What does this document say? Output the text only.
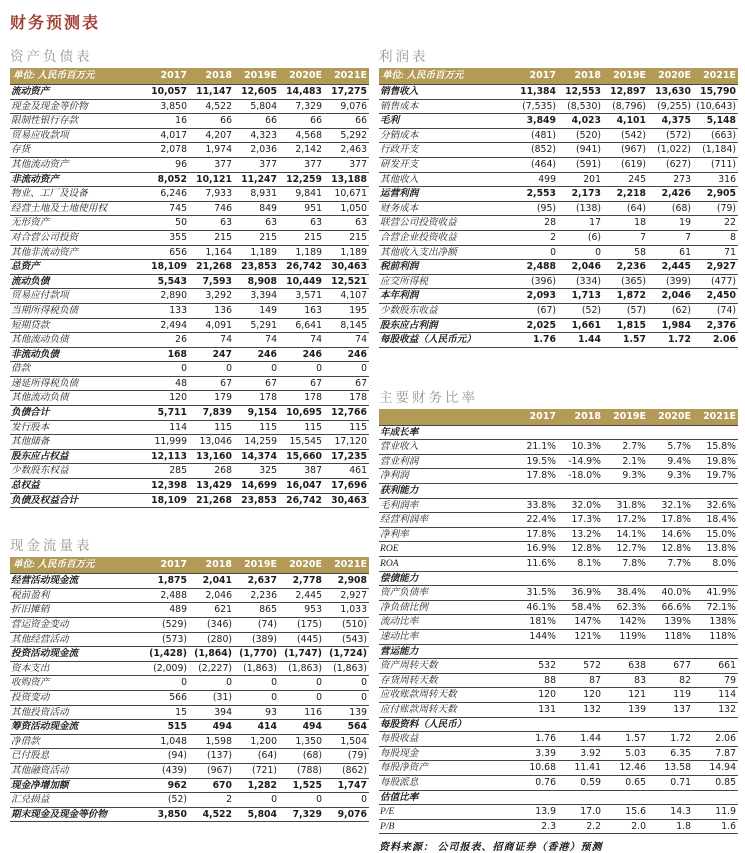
财务预测表
资产负债表
单位: 人民币百万元	2017	2018	2019E	2020E	2021E
流动资产	10,057	11,147	12,605	14,483	17,275
现金及现金等价物	3,850	4,522	5,804	7,329	9,076
限制性银行存款	16	66	66	66	66
贸易应收款项	4,017	4,207	4,323	4,568	5,292
存货	2,078	1,974	2,036	2,142	2,463
其他流动资产	96	377	377	377	377
非流动资产	8,052	10,121	11,247	12,259	13,188
物业、工厂及设备	6,246	7,933	8,931	9,841	10,671
经营土地及土地使用权	745	746	849	951	1,050
无形资产	50	63	63	63	63
对合营公司投资	355	215	215	215	215
其他非流动资产	656	1,164	1,189	1,189	1,189
总资产	18,109	21,268	23,853	26,742	30,463
流动负债	5,543	7,593	8,908	10,449	12,521
贸易应付款项	2,890	3,292	3,394	3,571	4,107
当期所得税负债	133	136	149	163	195
短期贷款	2,494	4,091	5,291	6,641	8,145
其他流动负债	26	74	74	74	74
非流动负债	168	247	246	246	246
借款	0	0	0	0	0
递延所得税负债	48	67	67	67	67
其他流动负债	120	179	178	178	178
负债合计	5,711	7,839	9,154	10,695	12,766
发行股本	114	115	115	115	115
其他储备	11,999	13,046	14,259	15,545	17,120
股东应占权益	12,113	13,160	14,374	15,660	17,235
少数股东权益	285	268	325	387	461
总权益	12,398	13,429	14,699	16,047	17,696
负债及权益合计	18,109	21,268	23,853	26,742	30,463
现金流量表
单位: 人民币百万元	2017	2018	2019E	2020E	2021E
经营活动现金流	1,875	2,041	2,637	2,778	2,908
税前盈利	2,488	2,046	2,236	2,445	2,927
折旧摊销	489	621	865	953	1,033
营运资金变动	(529)	(346)	(74)	(175)	(510)
其他经营活动	(573)	(280)	(389)	(445)	(543)
投资活动现金流	(1,428)	(1,864)	(1,770)	(1,747)	(1,724)
资本支出	(2,009)	(2,227)	(1,863)	(1,863)	(1,863)
收购资产	0	0	0	0	0
投资变动	566	(31)	0	0	0
其他投资活动	15	394	93	116	139
筹资活动现金流	515	494	414	494	564
净借款	1,048	1,598	1,200	1,350	1,504
已付股息	(94)	(137)	(64)	(68)	(79)
其他融资活动	(439)	(967)	(721)	(788)	(862)
现金净增加额	962	670	1,282	1,525	1,747
汇兑损益	(52)	2	0	0	0
期末现金及现金等价物	3,850	4,522	5,804	7,329	9,076
利润表
单位: 人民币百万元	2017	2018	2019E	2020E	2021E
销售收入	11,384	12,553	12,897	13,630	15,790
销售成本	(7,535)	(8,530)	(8,796)	(9,255)	(10,643)
毛利	3,849	4,023	4,101	4,375	5,148
分销成本	(481)	(520)	(542)	(572)	(663)
行政开支	(852)	(941)	(967)	(1,022)	(1,184)
研发开支	(464)	(591)	(619)	(627)	(711)
其他收入	499	201	245	273	316
运营利润	2,553	2,173	2,218	2,426	2,905
财务成本	(95)	(138)	(64)	(68)	(79)
联营公司投资收益	28	17	18	19	22
合营企业投资收益	2	(6)	7	7	8
其他收入支出净额	0	0	58	61	71
税前利润	2,488	2,046	2,236	2,445	2,927
应交所得税	(396)	(334)	(365)	(399)	(477)
本年利润	2,093	1,713	1,872	2,046	2,450
少数股东收益	(67)	(52)	(57)	(62)	(74)
股东应占利润	2,025	1,661	1,815	1,984	2,376
每股收益（人民币元）	1.76	1.44	1.57	1.72	2.06
主要财务比率
	2017	2018	2019E	2020E	2021E
年成长率					
营业收入	21.1%	10.3%	2.7%	5.7%	15.8%
营业利润	19.5%	-14.9%	2.1%	9.4%	19.8%
净利润	17.8%	-18.0%	9.3%	9.3%	19.7%
获利能力					
毛利润率	33.8%	32.0%	31.8%	32.1%	32.6%
经营利润率	22.4%	17.3%	17.2%	17.8%	18.4%
净利率	17.8%	13.2%	14.1%	14.6%	15.0%
ROE	16.9%	12.8%	12.7%	12.8%	13.8%
ROA	11.6%	8.1%	7.8%	7.7%	8.0%
偿债能力					
资产负债率	31.5%	36.9%	38.4%	40.0%	41.9%
净负债比例	46.1%	58.4%	62.3%	66.6%	72.1%
流动比率	181%	147%	142%	139%	138%
速动比率	144%	121%	119%	118%	118%
营运能力					
资产周转天数	532	572	638	677	661
存货周转天数	88	87	83	82	79
应收账款周转天数	120	120	121	119	114
应付账款周转天数	131	132	139	137	132
每股资料（人民币）					
每股收益	1.76	1.44	1.57	1.72	2.06
每股现金	3.39	3.92	5.03	6.35	7.87
每股净资产	10.68	11.41	12.46	13.58	14.94
每股派息	0.76	0.59	0.65	0.71	0.85
估值比率					
P/E	13.9	17.0	15.6	14.3	11.9
P/B	2.3	2.2	2.0	1.8	1.6
资料来源： 公司报表、招商证券（香港）预测
